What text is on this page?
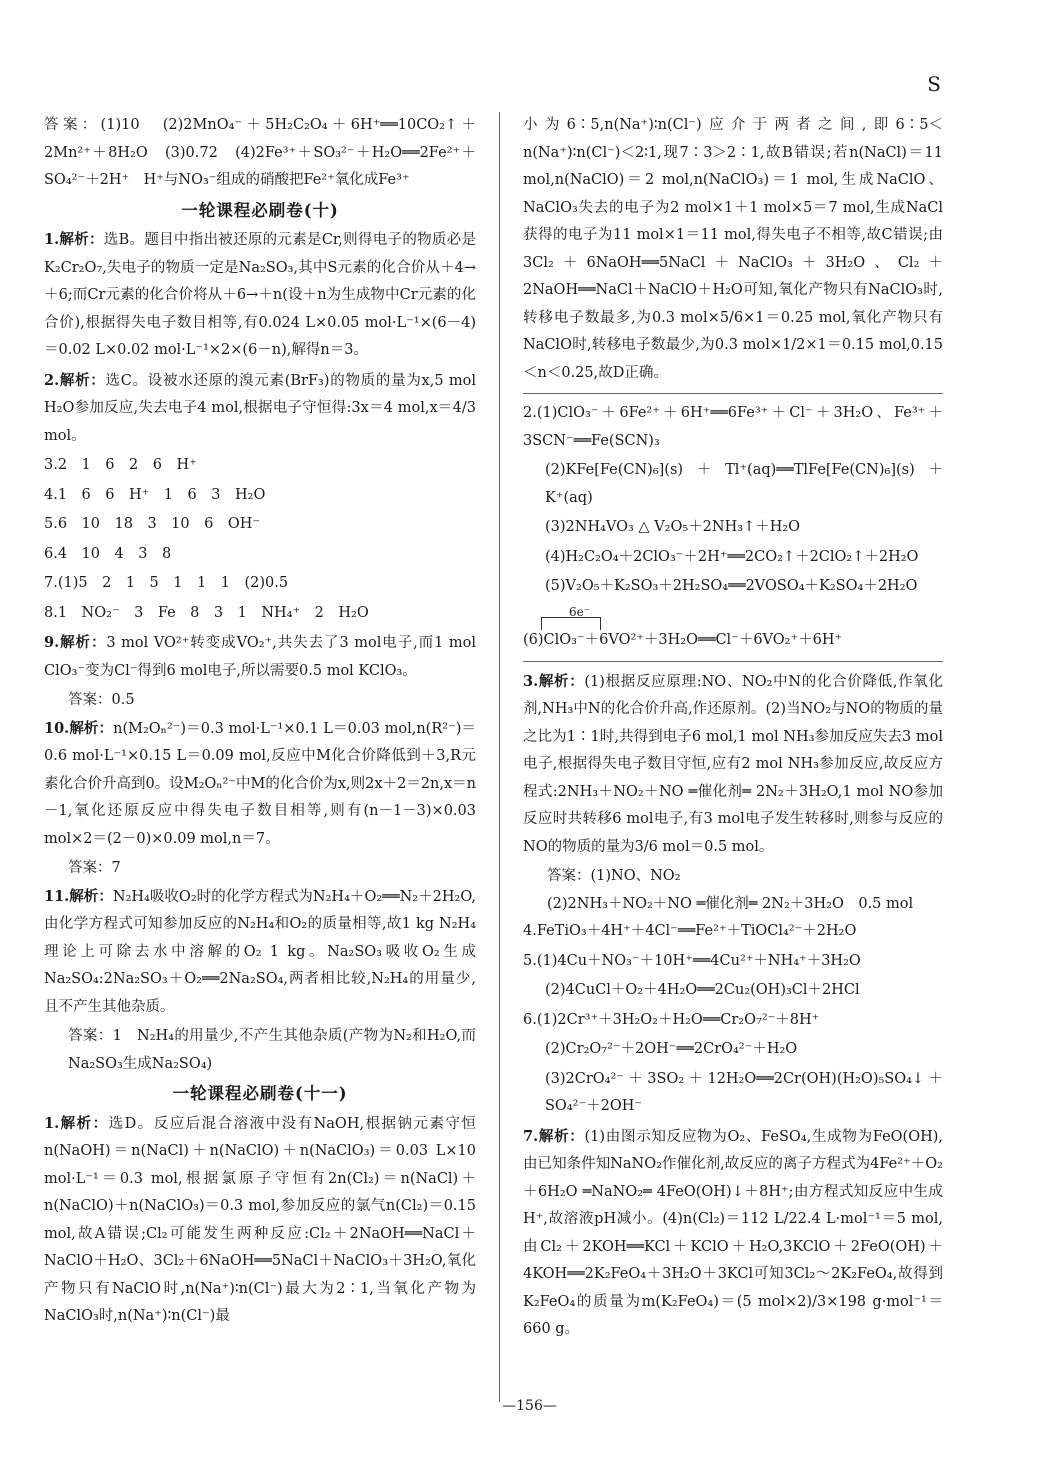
S
答案：(1)10　(2)2MnO₄⁻＋5H₂C₂O₄＋6H⁺══10CO₂↑＋2Mn²⁺＋8H₂O　(3)0.72　(4)2Fe³⁺＋SO₃²⁻＋H₂O══2Fe²⁺＋SO₄²⁻＋2H⁺　H⁺与NO₃⁻组成的硝酸把Fe²⁺氧化成Fe³⁺
一轮课程必刷卷(十)
1.解析：选B。题目中指出被还原的元素是Cr,则得电子的物质必是K₂Cr₂O₇,失电子的物质一定是Na₂SO₃,其中S元素的化合价从＋4→＋6;而Cr元素的化合价将从＋6→＋n(设＋n为生成物中Cr元素的化合价),根据得失电子数目相等,有0.024 L×0.05 mol·L⁻¹×(6－4)＝0.02 L×0.02 mol·L⁻¹×2×(6－n),解得n＝3。
2.解析：选C。设被水还原的溴元素(BrF₃)的物质的量为x,5 mol H₂O参加反应,失去电子4 mol,根据电子守恒得:3x＝4 mol,x＝4/3 mol。
3.2　1　6　2　6　H⁺
4.1　6　6　H⁺　1　6　3　H₂O
5.6　10　18　3　10　6　OH⁻
6.4　10　4　3　8
7.(1)5　2　1　5　1　1　1　(2)0.5
8.1　NO₂⁻　3　Fe　8　3　1　NH₄⁺　2　H₂O
9.解析：3 mol VO²⁺转变成VO₂⁺,共失去了3 mol电子,而1 mol ClO₃⁻变为Cl⁻得到6 mol电子,所以需要0.5 mol KClO₃。
答案：0.5
10.解析：n(M₂Oₙ²⁻)＝0.3 mol·L⁻¹×0.1 L＝0.03 mol,n(R²⁻)＝0.6 mol·L⁻¹×0.15 L＝0.09 mol,反应中M化合价降低到＋3,R元素化合价升高到0。设M₂Oₙ²⁻中M的化合价为x,则2x＋2＝2n,x＝n－1,氧化还原反应中得失电子数目相等,则有(n－1－3)×0.03 mol×2＝(2－0)×0.09 mol,n＝7。
答案：7
11.解析：N₂H₄吸收O₂时的化学方程式为N₂H₄＋O₂══N₂＋2H₂O,由化学方程式可知参加反应的N₂H₄和O₂的质量相等,故1 kg N₂H₄理论上可除去水中溶解的O₂ 1 kg。Na₂SO₃吸收O₂生成Na₂SO₄:2Na₂SO₃＋O₂══2Na₂SO₄,两者相比较,N₂H₄的用量少,且不产生其他杂质。
答案：1　N₂H₄的用量少,不产生其他杂质(产物为N₂和H₂O,而Na₂SO₃生成Na₂SO₄)
一轮课程必刷卷(十一)
1.解析：选D。反应后混合溶液中没有NaOH,根据钠元素守恒n(NaOH)＝n(NaCl)＋n(NaClO)＋n(NaClO₃)＝0.03 L×10 mol·L⁻¹＝0.3 mol,根据氯原子守恒有2n(Cl₂)＝n(NaCl)＋n(NaClO)＋n(NaClO₃)＝0.3 mol,参加反应的氯气n(Cl₂)＝0.15 mol,故A错误;Cl₂可能发生两种反应:Cl₂＋2NaOH══NaCl＋NaClO＋H₂O、3Cl₂＋6NaOH══5NaCl＋NaClO₃＋3H₂O,氧化产物只有NaClO时,n(Na⁺)∶n(Cl⁻)最大为2∶1,当氧化产物为NaClO₃时,n(Na⁺)∶n(Cl⁻)最
小为6∶5,n(Na⁺)∶n(Cl⁻)应介于两者之间,即6∶5＜n(Na⁺)∶n(Cl⁻)＜2∶1,现7∶3＞2∶1,故B错误;若n(NaCl)＝11 mol,n(NaClO)＝2 mol,n(NaClO₃)＝1 mol,生成NaClO、NaClO₃失去的电子为2 mol×1＋1 mol×5＝7 mol,生成NaCl获得的电子为11 mol×1＝11 mol,得失电子不相等,故C错误;由3Cl₂＋6NaOH══5NaCl＋NaClO₃＋3H₂O、Cl₂＋2NaOH══NaCl＋NaClO＋H₂O可知,氧化产物只有NaClO₃时,转移电子数最多,为0.3 mol×5/6×1＝0.25 mol,氧化产物只有NaClO时,转移电子数最少,为0.3 mol×1/2×1＝0.15 mol,0.15＜n＜0.25,故D正确。
2.(1)ClO₃⁻＋6Fe²⁺＋6H⁺══6Fe³⁺＋Cl⁻＋3H₂O、Fe³⁺＋3SCN⁻══Fe(SCN)₃
(2)KFe[Fe(CN)₆](s)＋Tl⁺(aq)══TlFe[Fe(CN)₆](s)＋K⁺(aq)
(3)2NH₄VO₃ △ V₂O₅＋2NH₃↑＋H₂O
(4)H₂C₂O₄＋2ClO₃⁻＋2H⁺══2CO₂↑＋2ClO₂↑＋2H₂O
(5)V₂O₅＋K₂SO₃＋2H₂SO₄══2VOSO₄＋K₂SO₄＋2H₂O
6e⁻
(6)ClO₃⁻＋6VO²⁺＋3H₂O══Cl⁻＋6VO₂⁺＋6H⁺
3.解析：(1)根据反应原理:NO、NO₂中N的化合价降低,作氧化剂,NH₃中N的化合价升高,作还原剂。(2)当NO₂与NO的物质的量之比为1∶1时,共得到电子6 mol,1 mol NH₃参加反应失去3 mol电子,根据得失电子数目守恒,应有2 mol NH₃参加反应,故反应方程式:2NH₃＋NO₂＋NO ═催化剂═ 2N₂＋3H₂O,1 mol NO参加反应时共转移6 mol电子,有3 mol电子发生转移时,则参与反应的NO的物质的量为3/6 mol＝0.5 mol。
答案：(1)NO、NO₂
(2)2NH₃＋NO₂＋NO ═催化剂═ 2N₂＋3H₂O　0.5 mol
4.FeTiO₃＋4H⁺＋4Cl⁻══Fe²⁺＋TiOCl₄²⁻＋2H₂O
5.(1)4Cu＋NO₃⁻＋10H⁺══4Cu²⁺＋NH₄⁺＋3H₂O
(2)4CuCl＋O₂＋4H₂O══2Cu₂(OH)₃Cl＋2HCl
6.(1)2Cr³⁺＋3H₂O₂＋H₂O══Cr₂O₇²⁻＋8H⁺
(2)Cr₂O₇²⁻＋2OH⁻══2CrO₄²⁻＋H₂O
(3)2CrO₄²⁻＋3SO₂＋12H₂O══2Cr(OH)(H₂O)₅SO₄↓＋SO₄²⁻＋2OH⁻
7.解析：(1)由图示知反应物为O₂、FeSO₄,生成物为FeO(OH),由已知条件知NaNO₂作催化剂,故反应的离子方程式为4Fe²⁺＋O₂＋6H₂O ═NaNO₂═ 4FeO(OH)↓＋8H⁺;由方程式知反应中生成H⁺,故溶液pH减小。(4)n(Cl₂)＝112 L/22.4 L·mol⁻¹＝5 mol,由Cl₂＋2KOH══KCl＋KClO＋H₂O,3KClO＋2FeO(OH)＋4KOH══2K₂FeO₄＋3H₂O＋3KCl可知3Cl₂～2K₂FeO₄,故得到K₂FeO₄的质量为m(K₂FeO₄)＝(5 mol×2)/3×198 g·mol⁻¹＝660 g。
—156—
